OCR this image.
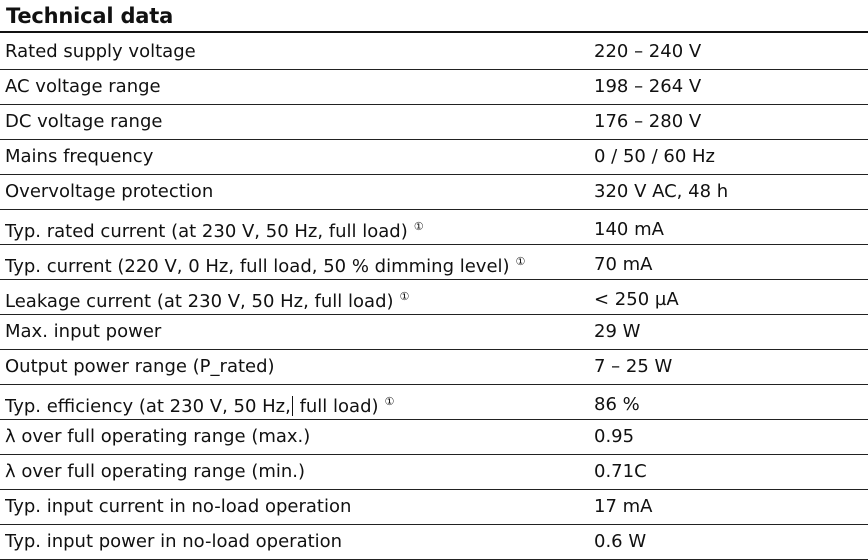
Technical data
Rated supply voltage	220 – 240 V
AC voltage range	198 – 264 V
DC voltage range	176 – 280 V
Mains frequency	0 / 50 / 60 Hz
Overvoltage protection	320 V AC, 48 h
Typ. rated current (at 230 V, 50 Hz, full load) ①	140 mA
Typ. current (220 V, 0 Hz, full load, 50 % dimming level) ①	70 mA
Leakage current (at 230 V, 50 Hz, full load) ①	< 250 µA
Max. input power	29 W
Output power range (P_rated)	7 – 25 W
Typ. efficiency (at 230 V, 50 Hz, full load) ①	86 %
λ over full operating range (max.)	0.95
λ over full operating range (min.)	0.71C
Typ. input current in no-load operation	17 mA
Typ. input power in no-load operation	0.6 W
